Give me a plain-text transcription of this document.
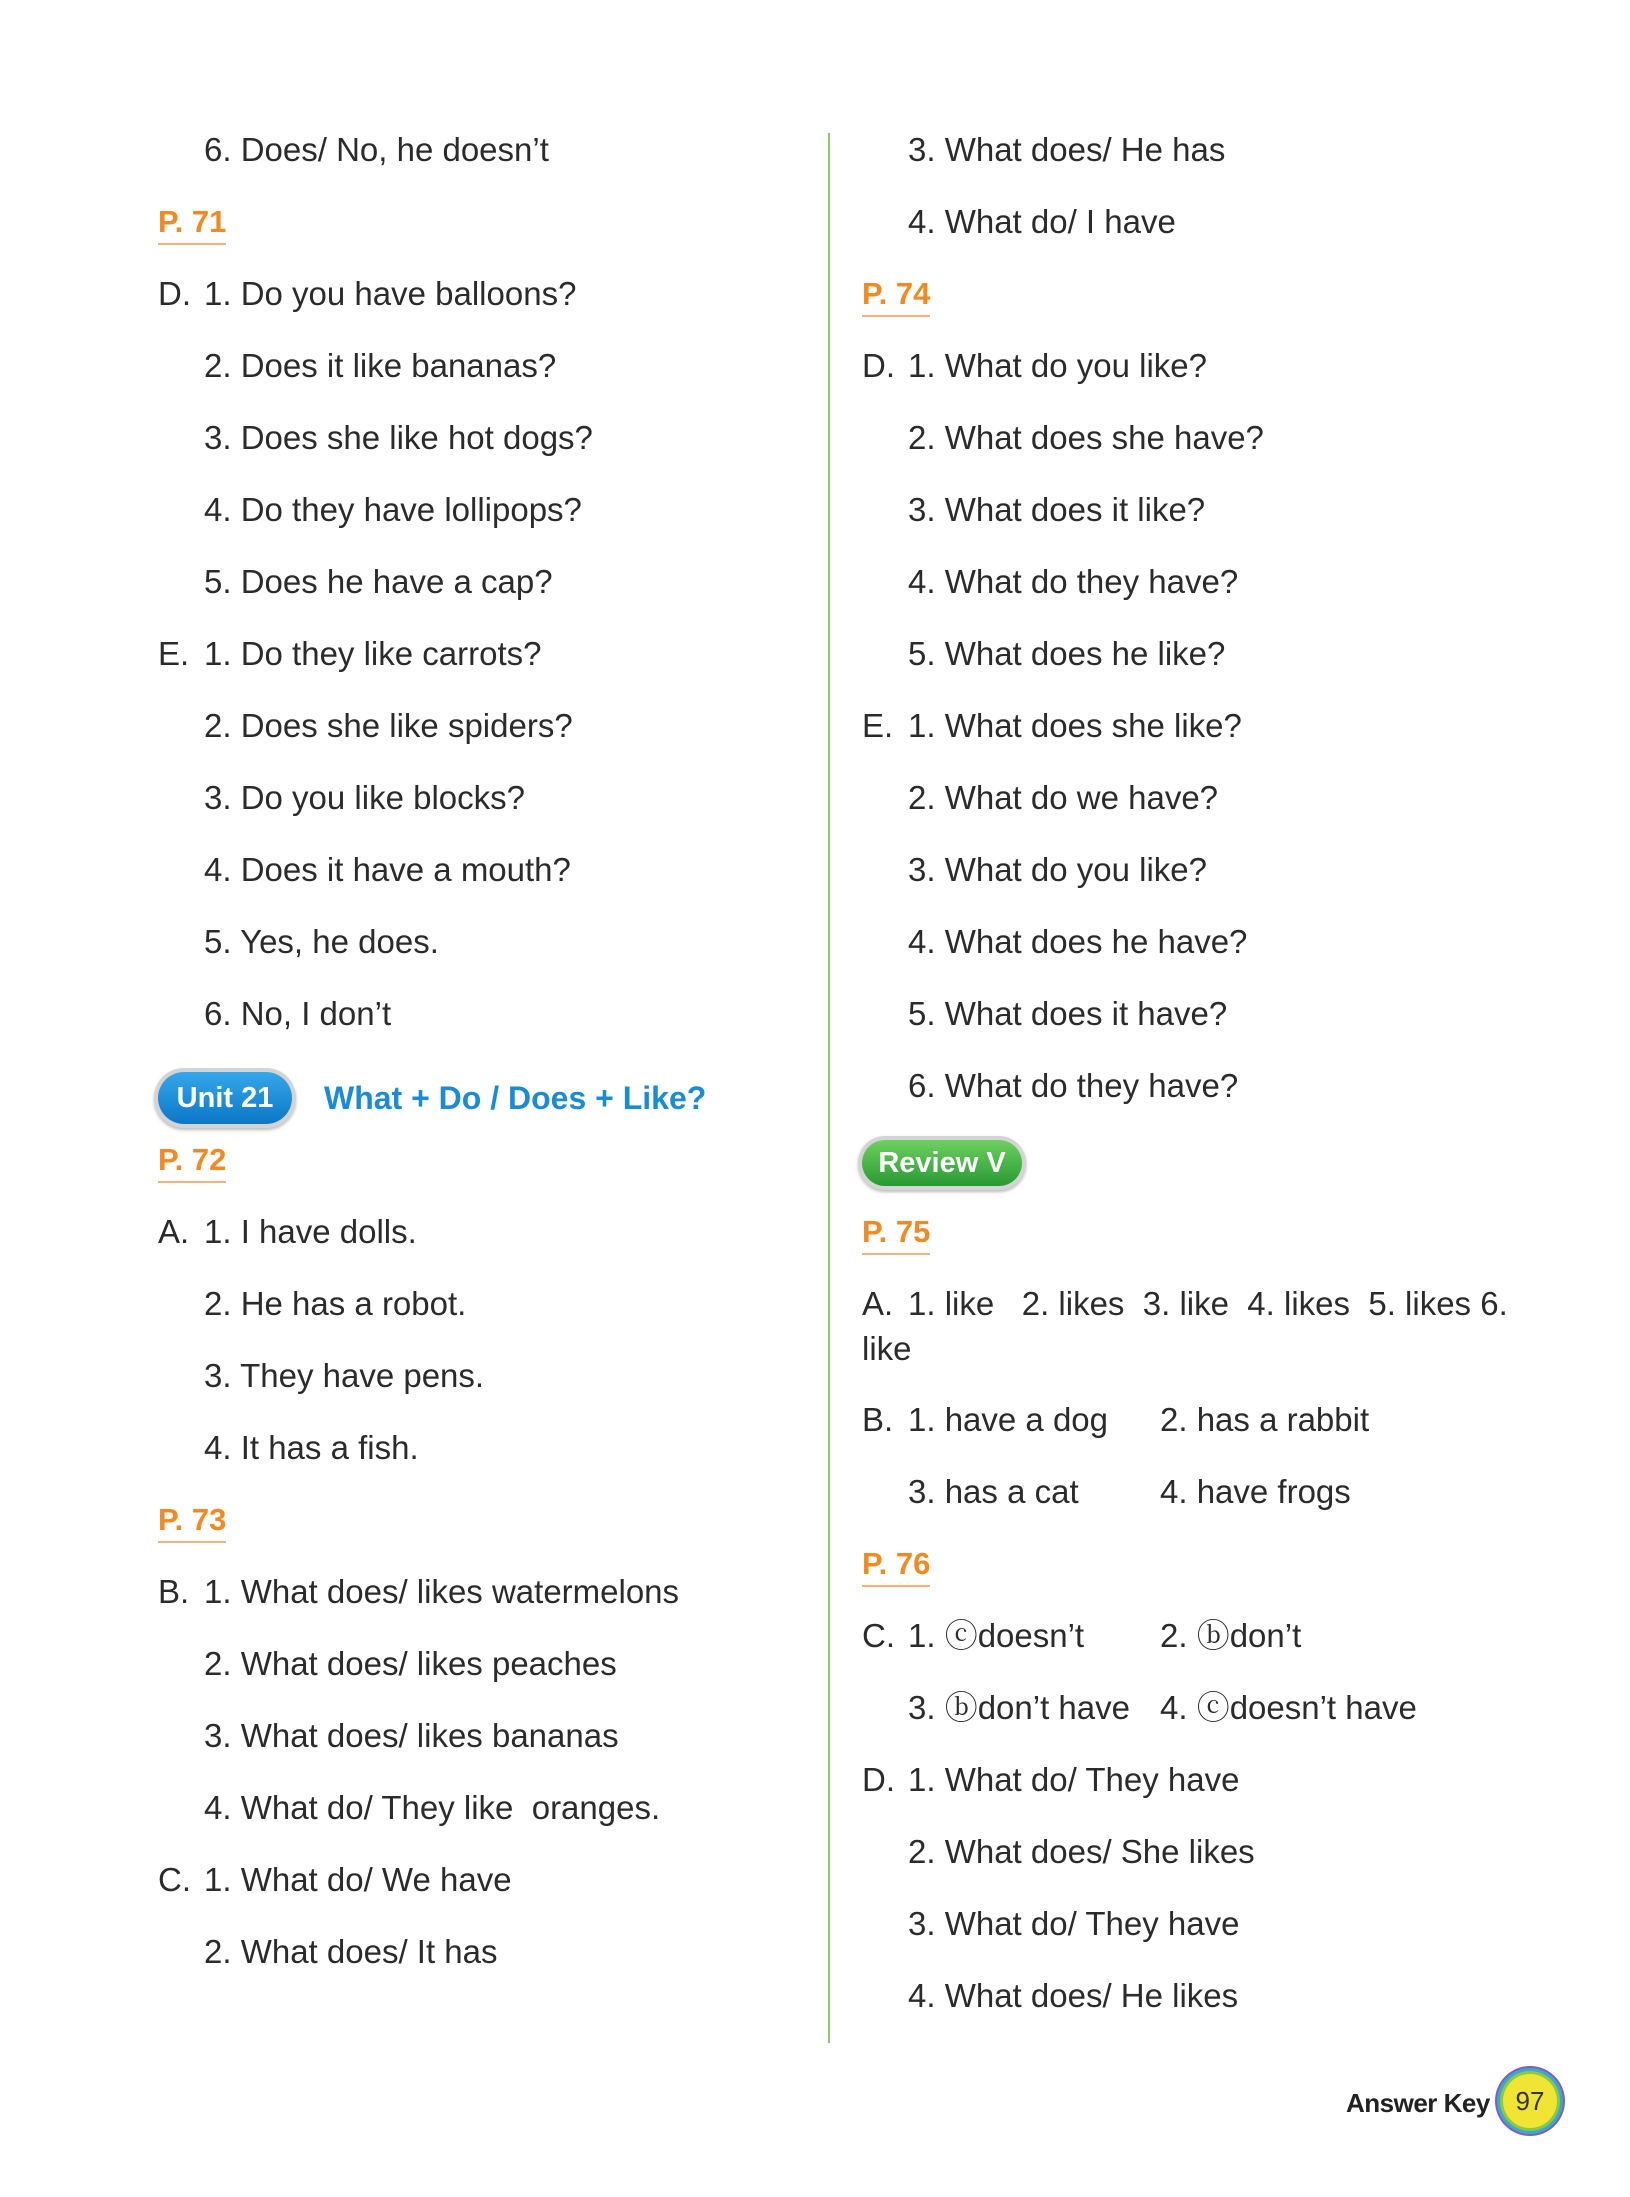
6. Does/ No, he doesn’t
P. 71
D. 1. Do you have balloons?
2. Does it like bananas?
3. Does she like hot dogs?
4. Do they have lollipops?
5. Does he have a cap?
E. 1. Do they like carrots?
2. Does she like spiders?
3. Do you like blocks?
4. Does it have a mouth?
5. Yes, he does.
6. No, I don’t
Unit 21	What + Do / Does + Like?
P. 72
A. 1. I have dolls.
2. He has a robot.
3. They have pens.
4. It has a fish.
P. 73
B. 1. What does/ likes watermelons
2. What does/ likes peaches
3. What does/ likes bananas
4. What do/ They like  oranges.
C. 1. What do/ We have
2. What does/ It has
3. What does/ He has
4. What do/ I have
P. 74
D. 1. What do you like?
2. What does she have?
3. What does it like?
4. What do they have?
5. What does he like?
E. 1. What does she like?
2. What do we have?
3. What do you like?
4. What does he have?
5. What does it have?
6. What do they have?
Review V
P. 75
A. 1. like   2. likes  3. like  4. likes  5. likes 6.
like
B. 1. have a dog 2. has a rabbit
3. has a cat 4. have frogs
P. 76
C. 1. ⓒdoesn’t 2. ⓑdon’t
3. ⓑdon’t have 4. ⓒdoesn’t have
D. 1. What do/ They have
2. What does/ She likes
3. What do/ They have
4. What does/ He likes
Answer Key 97
